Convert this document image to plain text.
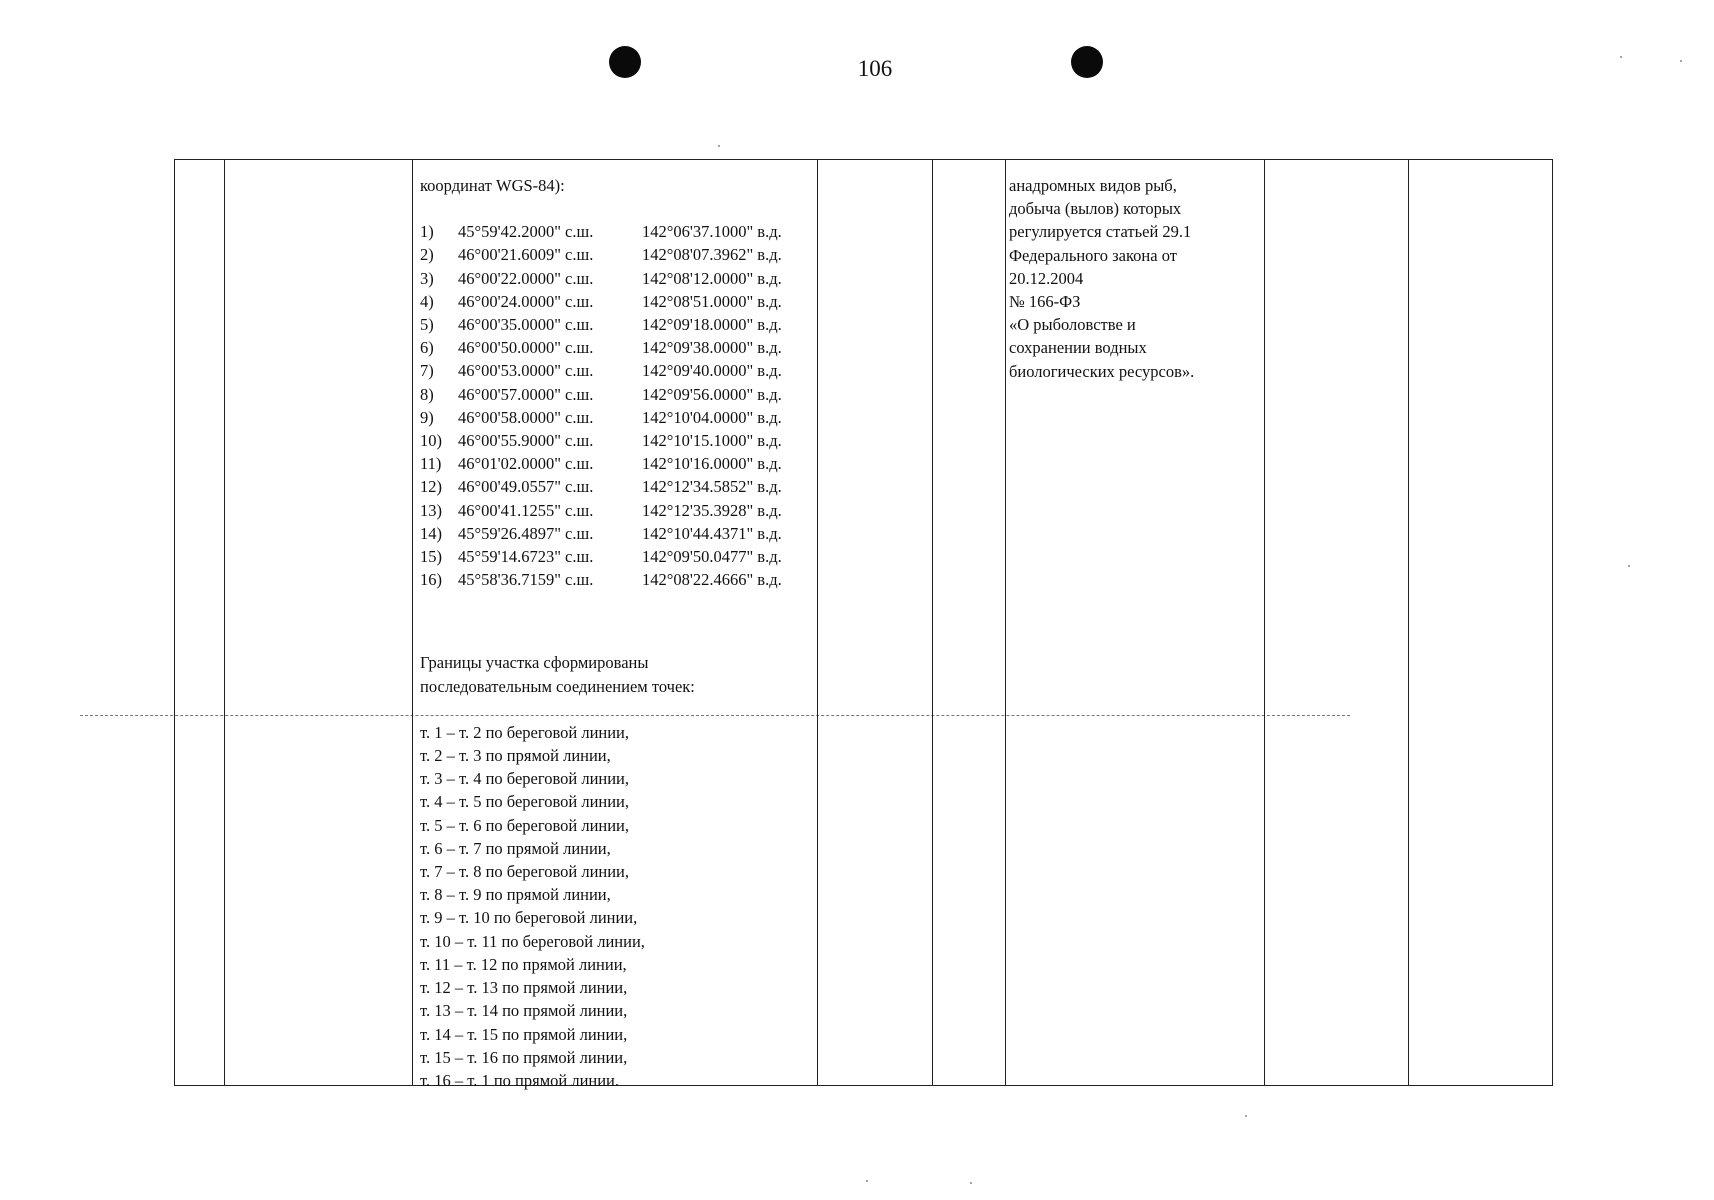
106

координат WGS-84):

1)	45°59'42.2000" с.ш.	142°06'37.1000" в.д.
2)	46°00'21.6009" с.ш.	142°08'07.3962" в.д.
3)	46°00'22.0000" с.ш.	142°08'12.0000" в.д.
4)	46°00'24.0000" с.ш.	142°08'51.0000" в.д.
5)	46°00'35.0000" с.ш.	142°09'18.0000" в.д.
6)	46°00'50.0000" с.ш.	142°09'38.0000" в.д.
7)	46°00'53.0000" с.ш.	142°09'40.0000" в.д.
8)	46°00'57.0000" с.ш.	142°09'56.0000" в.д.
9)	46°00'58.0000" с.ш.	142°10'04.0000" в.д.
10) 46°00'55.9000" с.ш.	142°10'15.1000" в.д.
11)	46°01'02.0000" с.ш.	142°10'16.0000" в.д.
12) 46°00'49.0557" с.ш.	142°12'34.5852" в.д.
13) 46°00'41.1255" с.ш.	142°12'35.3928" в.д.
14) 45°59'26.4897" с.ш.	142°10'44.4371" в.д.
15) 45°59'14.6723" с.ш.	142°09'50.0477" в.д.
16) 45°58'36.7159" с.ш.	142°08'22.4666" в.д.

Границы участка сформированы

последовательным соединением точек:

т. 1 – т. 2 по береговой линии,

т. 2 – т. 3 по прямой линии,

т. 3 – т. 4 по береговой линии,

т. 4 – т. 5 по береговой линии,

т. 5 – т. 6 по береговой линии,

т. 6 – т. 7 по прямой линии,

т. 7 – т. 8 по береговой линии,

т. 8 – т. 9 по прямой линии,

т. 9 – т. 10 по береговой линии,

т. 10 – т. 11 по береговой линии,

т. 11 – т. 12 по прямой линии,

т. 12 – т. 13 по прямой линии,

т. 13 – т. 14 по прямой линии,

т. 14 – т. 15 по прямой линии,

т. 15 – т. 16 по прямой линии,

т. 16 – т. 1 по прямой линии.

анадромных видов рыб,

добыча (вылов) которых

регулируется статьей 29.1

Федерального закона от

20.12.2004

№ 166-ФЗ

«О рыболовстве и

сохранении водных

биологических ресурсов».
